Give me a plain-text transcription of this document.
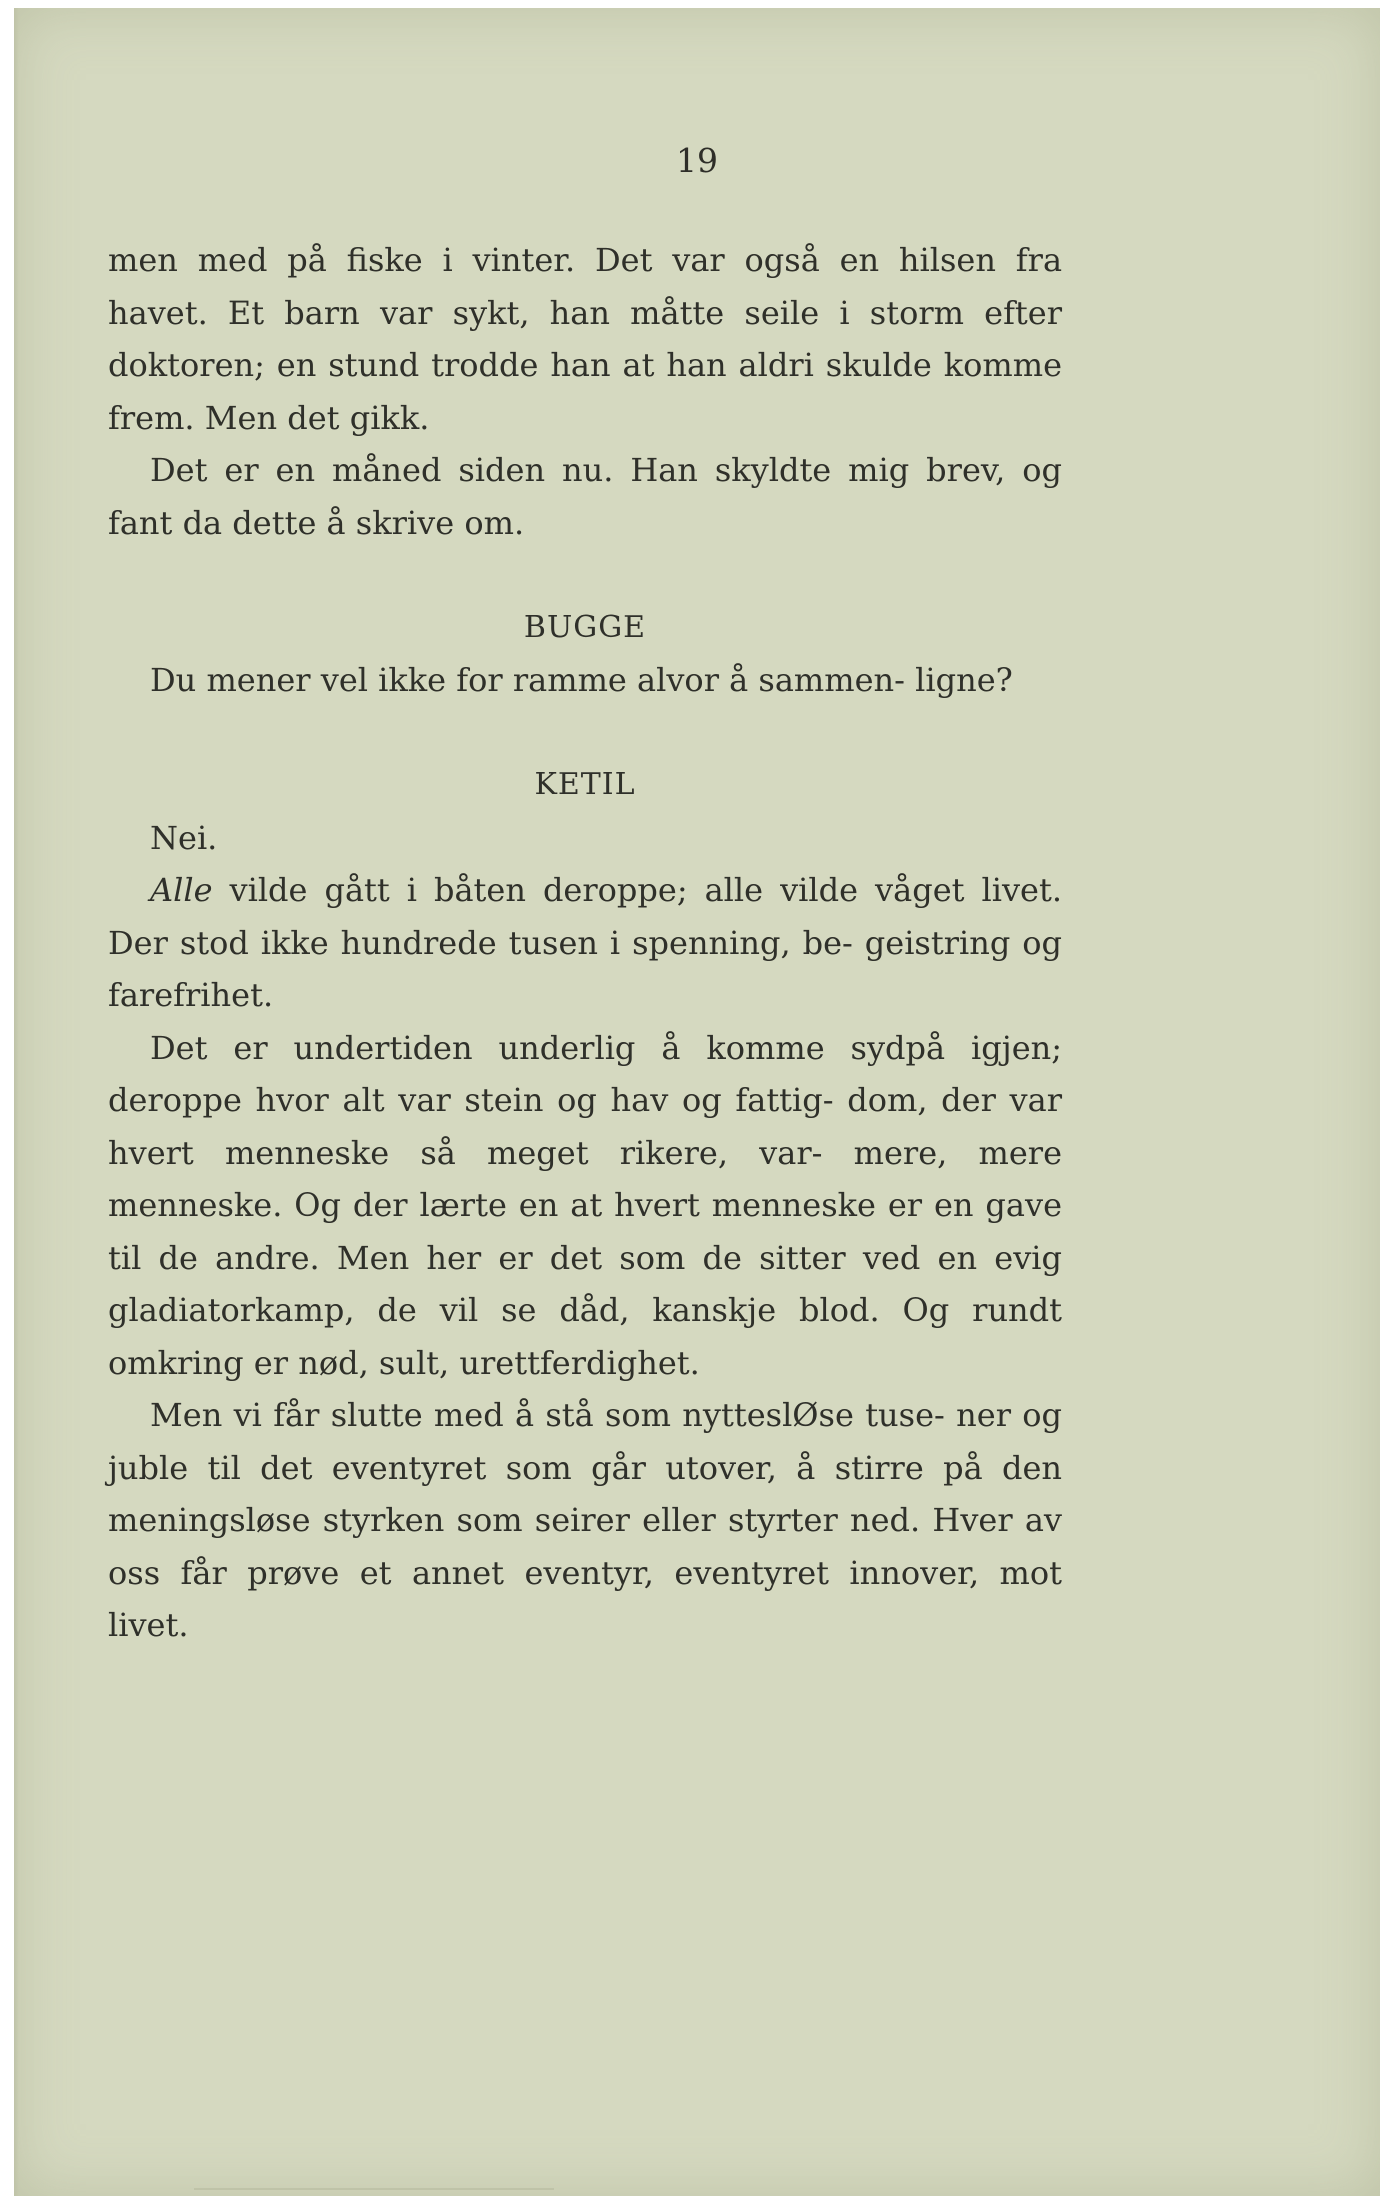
19

men med på fiske i vinter. Det var også en hilsen fra havet. Et barn var sykt, han måtte seile i storm efter doktoren; en stund trodde han at han aldri skulde komme frem. Men det gikk.

Det er en måned siden nu. Han skyldte mig brev, og fant da dette å skrive om.

BUGGE

Du mener vel ikke for ramme alvor å sammen- ligne?

KETIL

Nei.

Alle vilde gått i båten deroppe; alle vilde våget livet. Der stod ikke hundrede tusen i spenning, be- geistring og farefrihet.

Det er undertiden underlig å komme sydpå igjen; deroppe hvor alt var stein og hav og fattig- dom, der var hvert menneske så meget rikere, var- mere, mere menneske. Og der lærte en at hvert menneske er en gave til de andre. Men her er det som de sitter ved en evig gladiatorkamp, de vil se dåd, kanskje blod. Og rundt omkring er nød, sult, urettferdighet.

Men vi får slutte med å stå som nytteslØse tuse- ner og juble til det eventyret som går utover, å stirre på den meningsløse styrken som seirer eller styrter ned. Hver av oss får prøve et annet eventyr, eventyret innover, mot livet.
